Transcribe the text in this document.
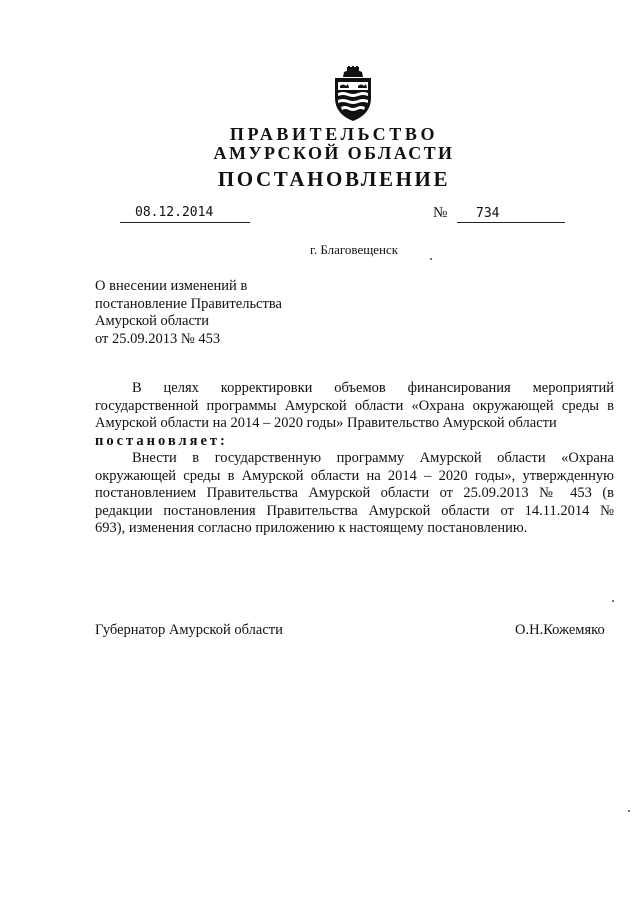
ПРАВИТЕЛЬСТВО
АМУРСКОЙ ОБЛАСТИ
ПОСТАНОВЛЕНИЕ
08.12.2014	№ 734
г. Благовещенск
О внесении изменений в
постановление Правительства
Амурской области
от 25.09.2013 № 453
В целях корректировки объемов финансирования мероприятий
государственной программы Амурской области «Охрана окружающей среды в
Амурской области на 2014 – 2020 годы» Правительство Амурской области
постановляет:
Внести в государственную программу Амурской области «Охрана
окружающей среды в Амурской области на 2014 – 2020 годы», утвержденную
постановлением Правительства Амурской области от 25.09.2013 № 453 (в
редакции постановления Правительства Амурской области от 14.11.2014 №
693), изменения согласно приложению к настоящему постановлению.
Губернатор Амурской области	О.Н.Кожемяко
